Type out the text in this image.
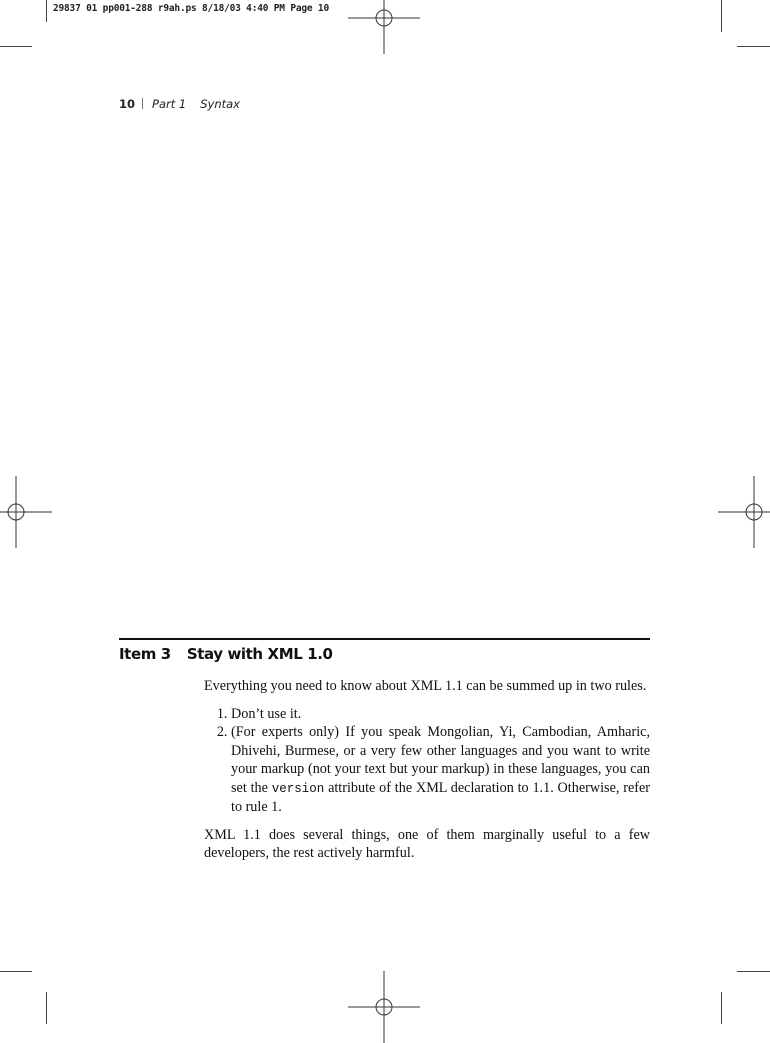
29837 01 pp001-288 r9ah.ps 8/18/03 4:40 PM Page 10
10 Part 1 Syntax
Item 3 Stay with XML 1.0

Everything you need to know about XML 1.1 can be summed up in two rules.

1. Don’t use it.
2. (For experts only) If you speak Mongolian, Yi, Cambodian, Amharic, Dhivehi, Burmese, or a very few other languages and you want to write your markup (not your text but your markup) in these languages, you can set the version attribute of the XML declaration to 1.1. Otherwise, refer to rule 1.

XML 1.1 does several things, one of them marginally useful to a few developers, the rest actively harmful.
